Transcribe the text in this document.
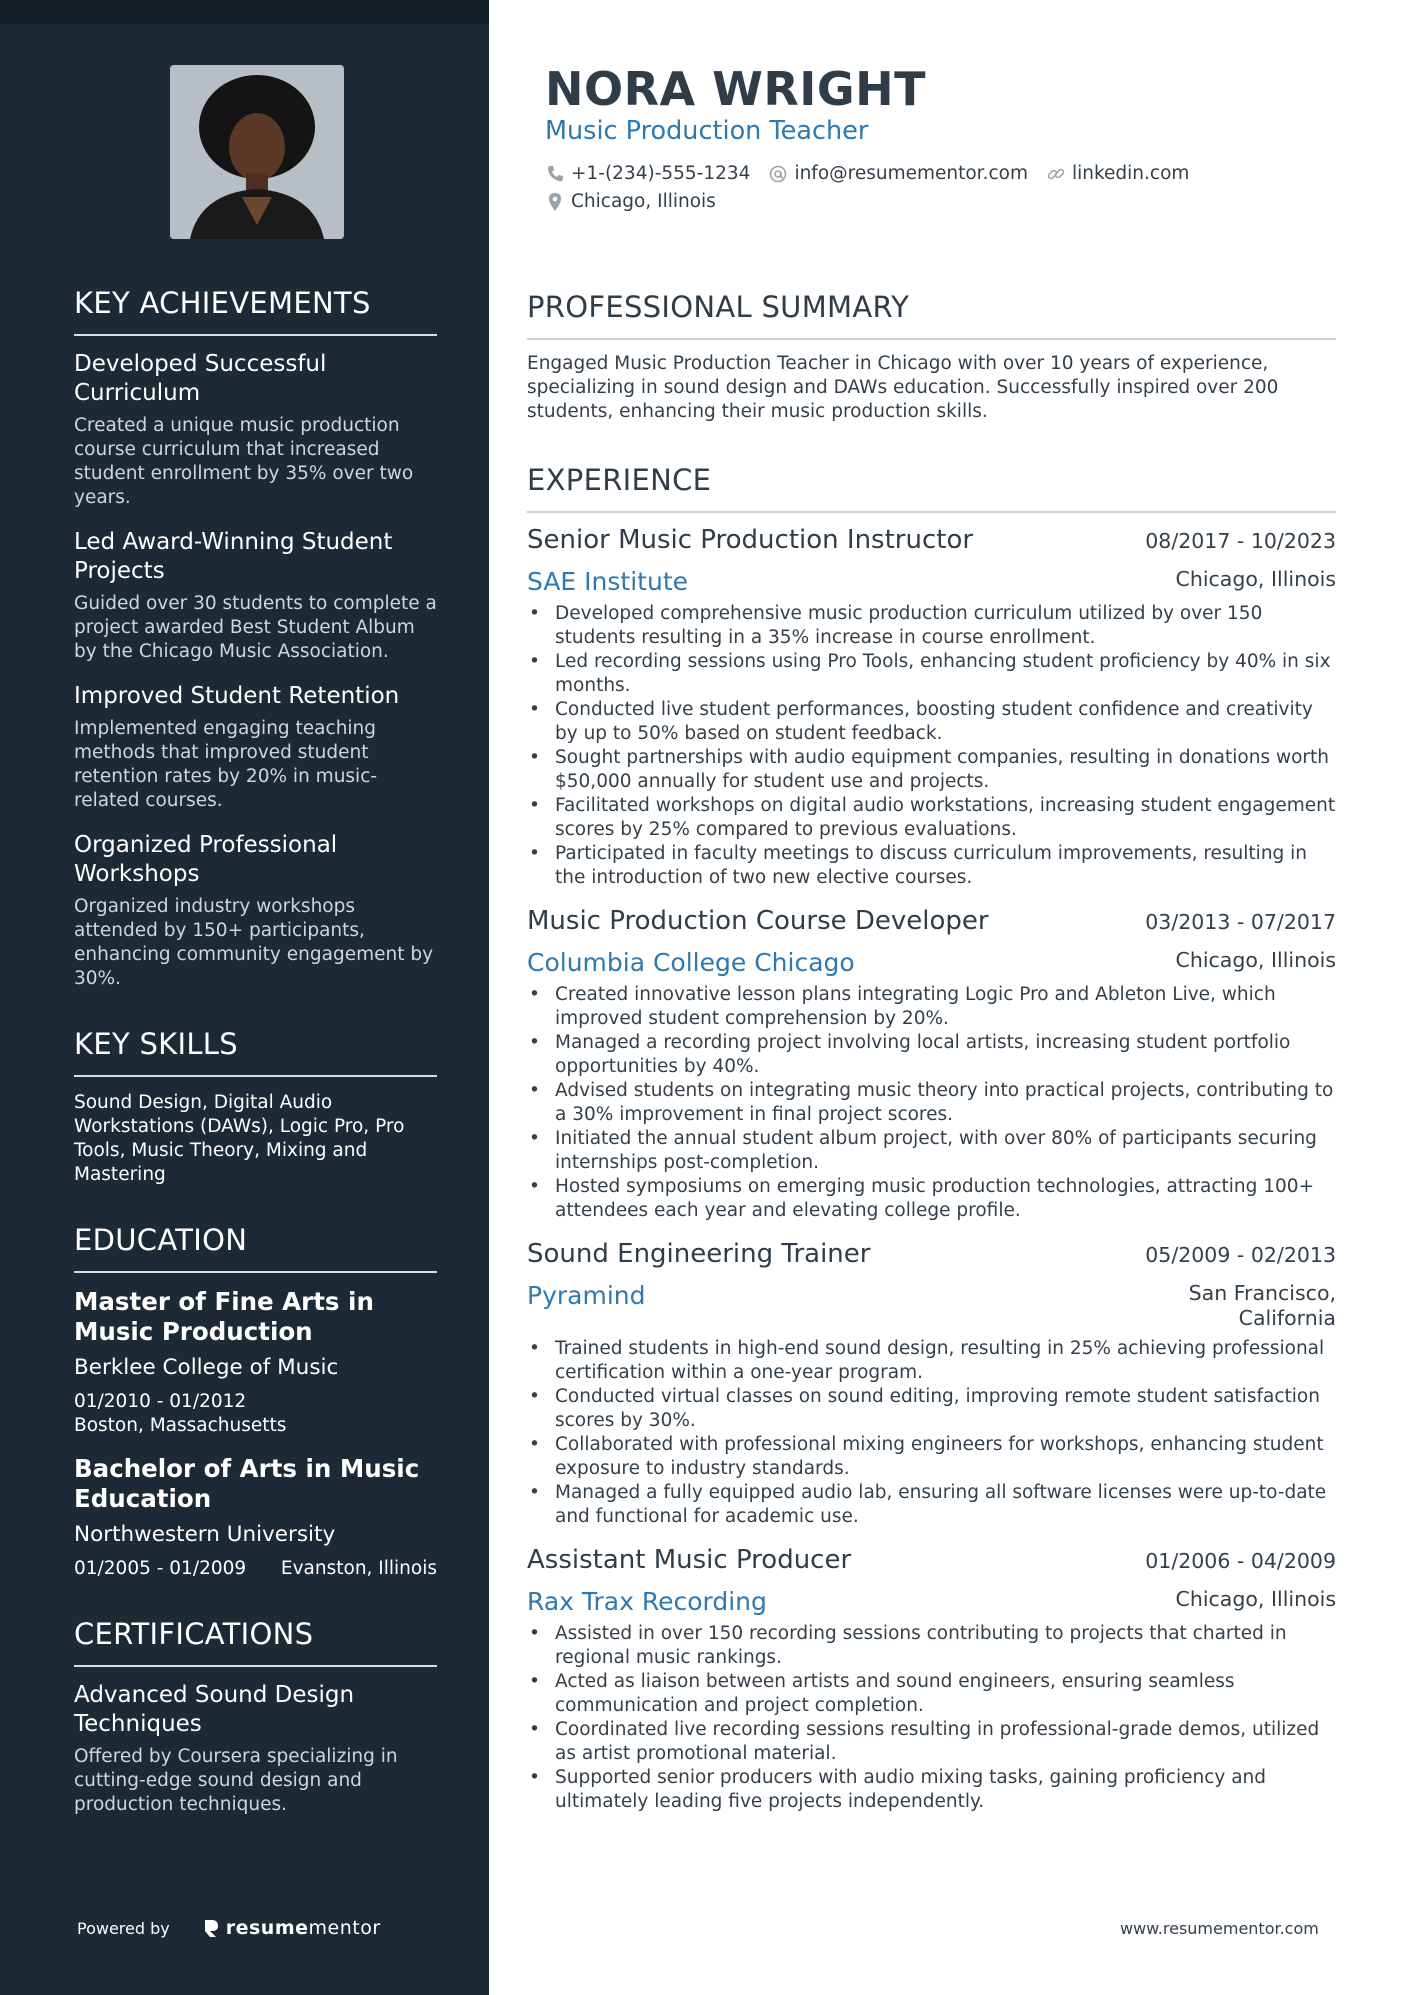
KEY ACHIEVEMENTS
Developed Successful Curriculum
Created a unique music production course curriculum that increased student enrollment by 35% over two years.
Led Award-Winning Student Projects
Guided over 30 students to complete a project awarded Best Student Album by the Chicago Music Association.
Improved Student Retention
Implemented engaging teaching methods that improved student retention rates by 20% in music-related courses.
Organized Professional Workshops
Organized industry workshops attended by 150+ participants, enhancing community engagement by 30%.
KEY SKILLS
Sound Design, Digital Audio Workstations (DAWs), Logic Pro, Pro Tools, Music Theory, Mixing and Mastering
EDUCATION
Master of Fine Arts in Music Production
Berklee College of Music
01/2010 - 01/2012
Boston, Massachusetts
Bachelor of Arts in Music Education
Northwestern University
01/2005 - 01/2009 Evanston, Illinois
CERTIFICATIONS
Advanced Sound Design Techniques
Offered by Coursera specializing in cutting-edge sound design and production techniques.
Powered by	resumementor
NORA WRIGHT
Music Production Teacher
+1-(234)-555-1234 info@resumementor.com linkedin.com
Chicago, Illinois
PROFESSIONAL SUMMARY
Engaged Music Production Teacher in Chicago with over 10 years of experience, specializing in sound design and DAWs education. Successfully inspired over 200 students, enhancing their music production skills.
EXPERIENCE
Senior Music Production Instructor	08/2017 - 10/2023
SAE Institute	Chicago, Illinois
• Developed comprehensive music production curriculum utilized by over 150 students resulting in a 35% increase in course enrollment.
• Led recording sessions using Pro Tools, enhancing student proficiency by 40% in six months.
• Conducted live student performances, boosting student confidence and creativity by up to 50% based on student feedback.
• Sought partnerships with audio equipment companies, resulting in donations worth $50,000 annually for student use and projects.
• Facilitated workshops on digital audio workstations, increasing student engagement scores by 25% compared to previous evaluations.
• Participated in faculty meetings to discuss curriculum improvements, resulting in the introduction of two new elective courses.
Music Production Course Developer	03/2013 - 07/2017
Columbia College Chicago	Chicago, Illinois
• Created innovative lesson plans integrating Logic Pro and Ableton Live, which improved student comprehension by 20%.
• Managed a recording project involving local artists, increasing student portfolio opportunities by 40%.
• Advised students on integrating music theory into practical projects, contributing to a 30% improvement in final project scores.
• Initiated the annual student album project, with over 80% of participants securing internships post-completion.
• Hosted symposiums on emerging music production technologies, attracting 100+ attendees each year and elevating college profile.
Sound Engineering Trainer	05/2009 - 02/2013
Pyramind	San Francisco, California
• Trained students in high-end sound design, resulting in 25% achieving professional certification within a one-year program.
• Conducted virtual classes on sound editing, improving remote student satisfaction scores by 30%.
• Collaborated with professional mixing engineers for workshops, enhancing student exposure to industry standards.
• Managed a fully equipped audio lab, ensuring all software licenses were up-to-date and functional for academic use.
Assistant Music Producer	01/2006 - 04/2009
Rax Trax Recording	Chicago, Illinois
• Assisted in over 150 recording sessions contributing to projects that charted in regional music rankings.
• Acted as liaison between artists and sound engineers, ensuring seamless communication and project completion.
• Coordinated live recording sessions resulting in professional-grade demos, utilized as artist promotional material.
• Supported senior producers with audio mixing tasks, gaining proficiency and ultimately leading five projects independently.
www.resumementor.com
